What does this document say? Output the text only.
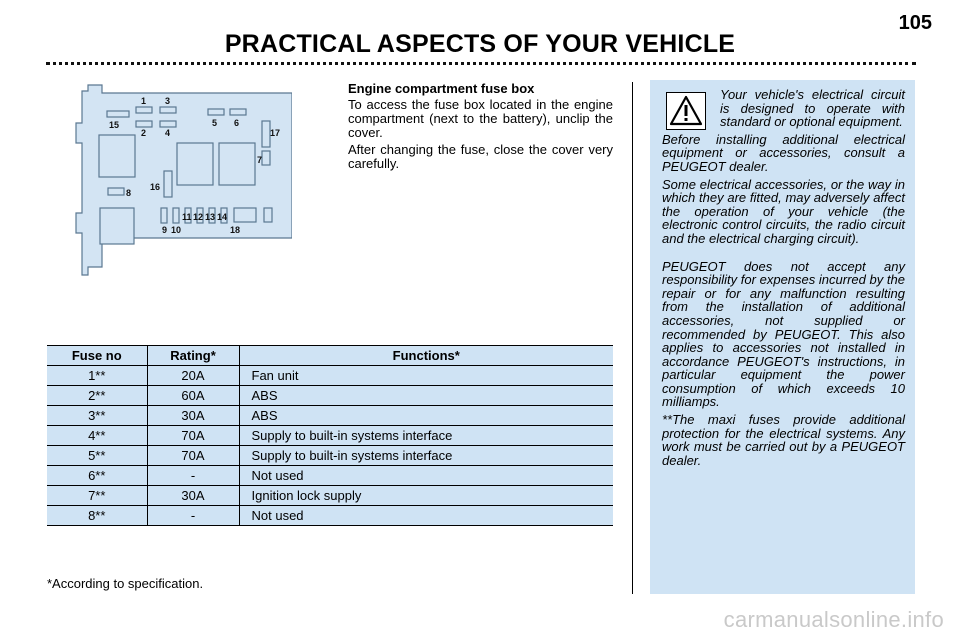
105
PRACTICAL ASPECTS OF YOUR VEHICLE
1
2
3
4
5 6
7
8
9 10
11 12 13 14
15
16
17
18
Engine compartment fuse box

To access the fuse box located in the engine compartment (next to the battery), unclip the cover.

After changing the fuse, close the cover very carefully.

Your vehicle's electrical circuit is designed to operate with standard or optional equipment.

Before installing additional electrical equipment or accessories, consult a PEUGEOT dealer.

Some electrical accessories, or the way in which they are fitted, may adversely affect the operation of your vehicle (the electronic control circuits, the radio circuit and the electrical charging circuit).

PEUGEOT does not accept any responsibility for expenses incurred by the repair or for any malfunction resulting from the installation of additional accessories, not supplied or recommended by PEUGEOT. This also applies to accessories not installed in accordance PEUGEOT's instructions, in particular equipment the power consumption of which exceeds 10 milliamps.

**The maxi fuses provide additional protection for the electrical systems. Any work must be carried out by a PEUGEOT dealer.

Fuse no	Rating*	Functions*
1**	20A	Fan unit
2**	60A	ABS
3**	30A	ABS
4**	70A	Supply to built-in systems interface
5**	70A	Supply to built-in systems interface
6**	-	Not used
7**	30A	Ignition lock supply
8**	-	Not used
*According to specification.
carmanualsonline.info
